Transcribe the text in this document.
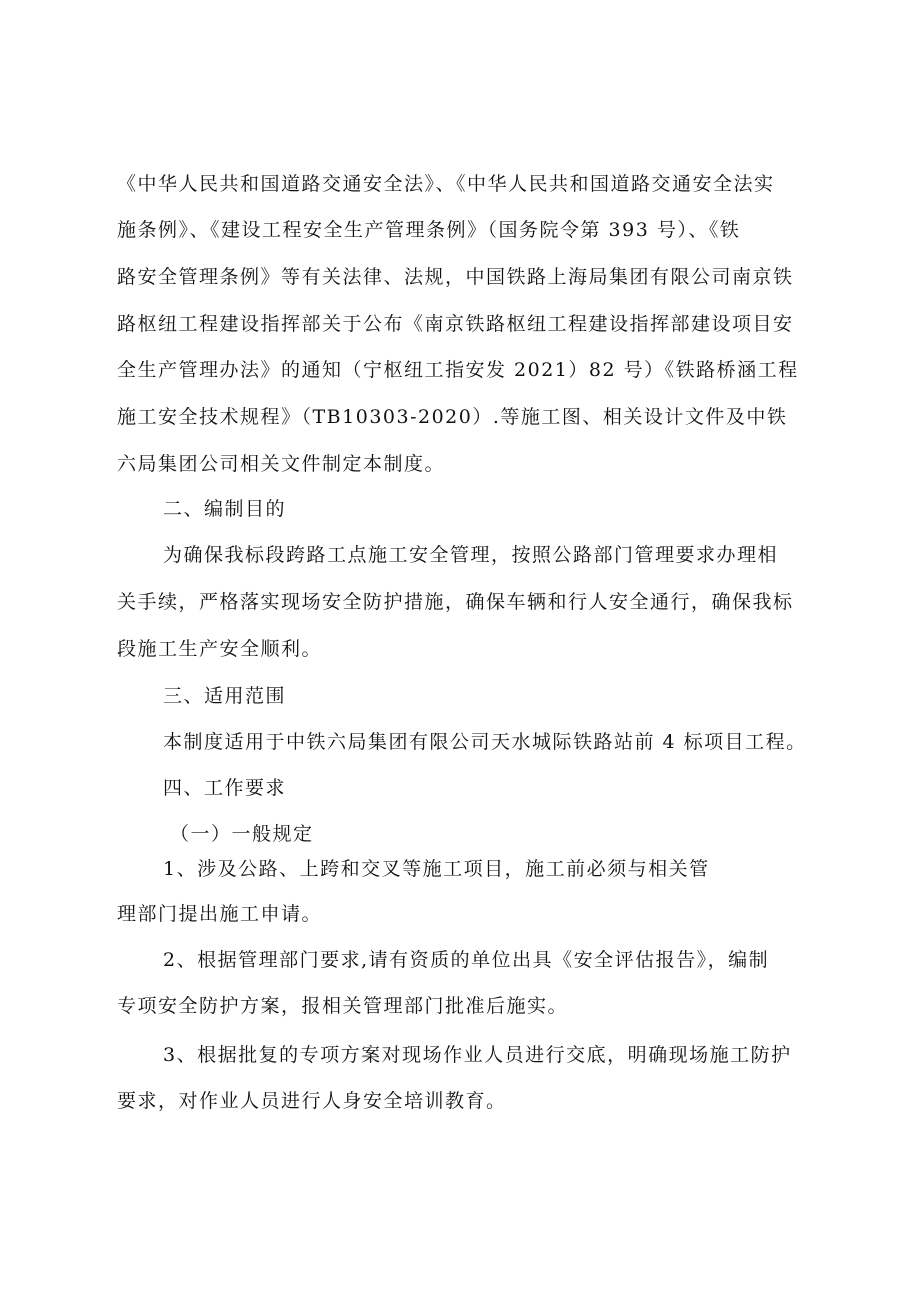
《中华人民共和国道路交通安全法》、《中华人民共和国道路交通安全法实
施条例》、《建设工程安全生产管理条例》（国务院令第 393 号）、《铁
路安全管理条例》等有关法律、法规，中国铁路上海局集团有限公司南京铁
路枢纽工程建设指挥部关于公布《南京铁路枢纽工程建设指挥部建设项目安
全生产管理办法》的通知（宁枢纽工指安发 2021）82 号）《铁路桥涵工程
施工安全技术规程》（TB10303-2020）.等施工图、相关设计文件及中铁
六局集团公司相关文件制定本制度。
二、编制目的
为确保我标段跨路工点施工安全管理，按照公路部门管理要求办理相
关手续，严格落实现场安全防护措施，确保车辆和行人安全通行，确保我标
段施工生产安全顺利。
三、适用范围
本制度适用于中铁六局集团有限公司天水城际铁路站前 4 标项目工程。
四、工作要求
（一）一般规定
1、涉及公路、上跨和交叉等施工项目，施工前必须与相关管
理部门提出施工申请。
2、根据管理部门要求,请有资质的单位出具《安全评估报告》，编制
专项安全防护方案，报相关管理部门批准后施实。
3、根据批复的专项方案对现场作业人员进行交底，明确现场施工防护
要求，对作业人员进行人身安全培训教育。
